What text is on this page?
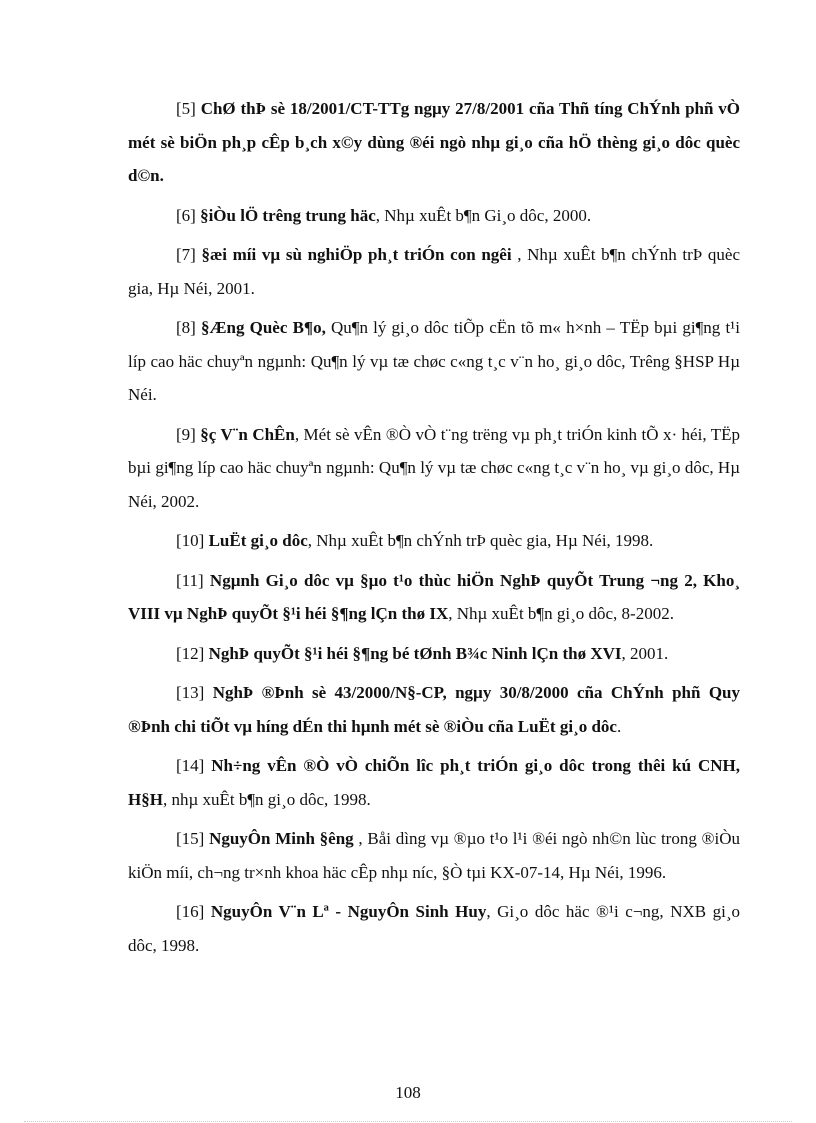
[5] ChØ thÞ sè 18/2001/CT-TTg ngµy 27/8/2001 cña Thñ tíng ChÝnh phñ vÒ mét sè biÖn ph¸p cÊp b¸ch x©y dùng ®éi ngò nhµ gi¸o cña hÖ thèng gi¸o dôc quèc d©n.

[6] §iÒu lÖ trêng trung häc, Nhµ xuÊt b¶n Gi¸o dôc, 2000.

[7] §æi míi vµ sù nghiÖp ph¸t triÓn con ngêi , Nhµ xuÊt b¶n chÝnh trÞ quèc gia, Hµ Néi, 2001.

[8] §Æng Quèc B¶o, Qu¶n lý gi¸o dôc tiÕp cËn tõ m« h×nh – TËp bµi gi¶ng t¹i líp cao häc chuyªn ngµnh: Qu¶n lý vµ tæ chøc c«ng t¸c v¨n ho¸ gi¸o dôc, Trêng §HSP Hµ Néi.

[9] §ç V¨n ChÊn, Mét sè vÊn ®Ò vÒ t¨ng trëng vµ ph¸t triÓn kinh tÕ x· héi, TËp bµi gi¶ng líp cao häc chuyªn ngµnh: Qu¶n lý vµ tæ chøc c«ng t¸c v¨n ho¸ vµ gi¸o dôc, Hµ Néi, 2002.

[10] LuËt gi¸o dôc, Nhµ xuÊt b¶n chÝnh trÞ quèc gia, Hµ Néi, 1998.

[11] Ngµnh Gi¸o dôc vµ §µo t¹o thùc hiÖn NghÞ quyÕt Trung ¬ng 2, Kho¸ VIII vµ NghÞ quyÕt §¹i héi §¶ng lÇn thø IX, Nhµ xuÊt b¶n gi¸o dôc, 8-2002.

[12] NghÞ quyÕt §¹i héi §¶ng bé tØnh B¾c Ninh lÇn thø XVI, 2001.

[13] NghÞ ®Þnh sè 43/2000/N§-CP, ngµy 30/8/2000 cña ChÝnh phñ Quy ®Þnh chi tiÕt vµ híng dÉn thi hµnh mét sè ®iÒu cña LuËt gi¸o dôc.

[14] Nh÷ng vÊn ®Ò vÒ chiÕn lîc ph¸t triÓn gi¸o dôc trong thêi kú CNH, H§H, nhµ xuÊt b¶n gi¸o dôc, 1998.

[15] NguyÔn Minh §êng , Båi dìng vµ ®µo t¹o l¹i ®éi ngò nh©n lùc trong ®iÒu kiÖn míi, ch¬ng tr×nh khoa häc cÊp nhµ níc, §Ò tµi KX-07-14, Hµ Néi, 1996.

[16] NguyÔn V¨n Lª - NguyÔn Sinh Huy, Gi¸o dôc häc ®¹i c¬ng, NXB gi¸o dôc, 1998.

108
